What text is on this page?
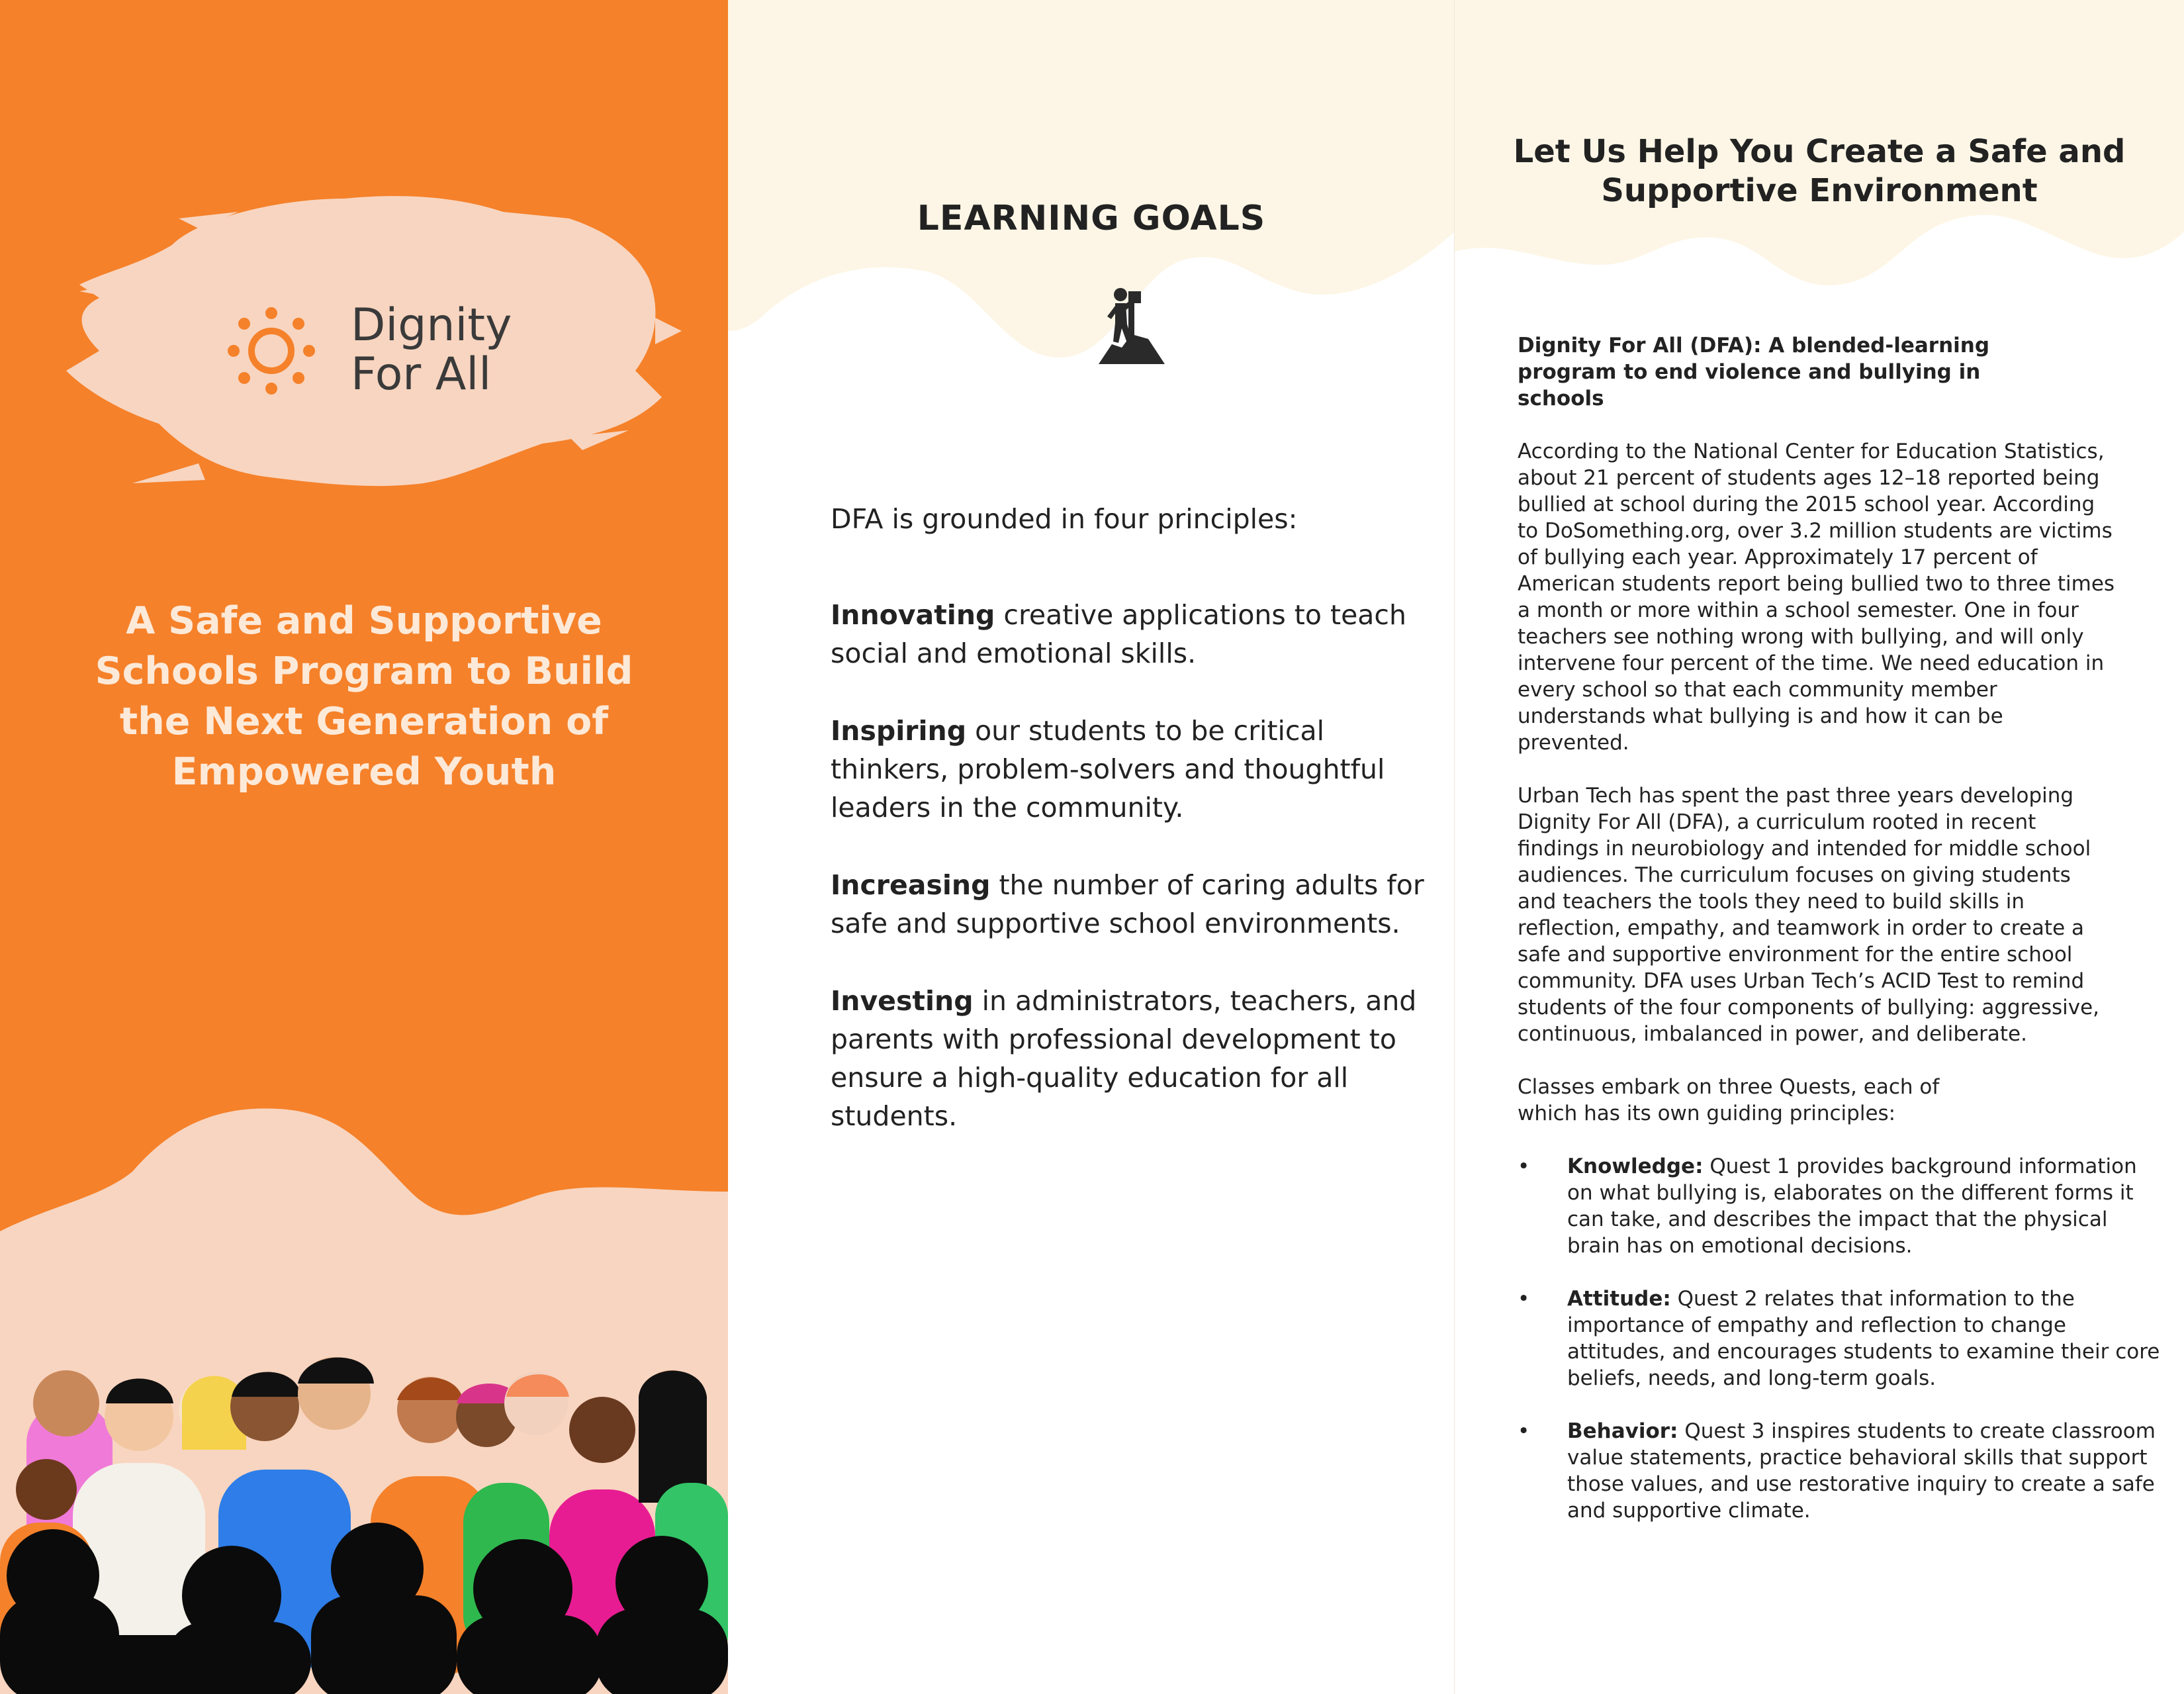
Dignity
For All
A Safe and Supportive Schools Program to Build the Next Generation of Empowered Youth
LEARNING GOALS
DFA is grounded in four principles:
Innovating creative applications to teach social and emotional skills.
Inspiring our students to be critical thinkers, problem-solvers and thoughtful leaders in the community.
Increasing the number of caring adults for safe and supportive school environments.
Investing in administrators, teachers, and parents with professional development to ensure a high-quality education for all students.
Let Us Help You Create a Safe and Supportive Environment
Dignity For All (DFA): A blended-learning program to end violence and bullying in schools
According to the National Center for Education Statistics, about 21 percent of students ages 12–18 reported being bullied at school during the 2015 school year. According to DoSomething.org, over 3.2 million students are victims of bullying each year. Approximately 17 percent of American students report being bullied two to three times a month or more within a school semester. One in four teachers see nothing wrong with bullying, and will only intervene four percent of the time. We need education in every school so that each community member understands what bullying is and how it can be prevented.
Urban Tech has spent the past three years developing Dignity For All (DFA), a curriculum rooted in recent findings in neurobiology and intended for middle school audiences. The curriculum focuses on giving students and teachers the tools they need to build skills in reflection, empathy, and teamwork in order to create a safe and supportive environment for the entire school community. DFA uses Urban Tech’s ACID Test to remind students of the four components of bullying: aggressive, continuous, imbalanced in power, and deliberate.
Classes embark on three Quests, each of which has its own guiding principles:
• Knowledge: Quest 1 provides background information on what bullying is, elaborates on the different forms it can take, and describes the impact that the physical brain has on emotional decisions.
• Attitude: Quest 2 relates that information to the importance of empathy and reflection to change attitudes, and encourages students to examine their core beliefs, needs, and long-term goals.
• Behavior: Quest 3 inspires students to create classroom value statements, practice behavioral skills that support those values, and use restorative inquiry to create a safe and supportive climate.
